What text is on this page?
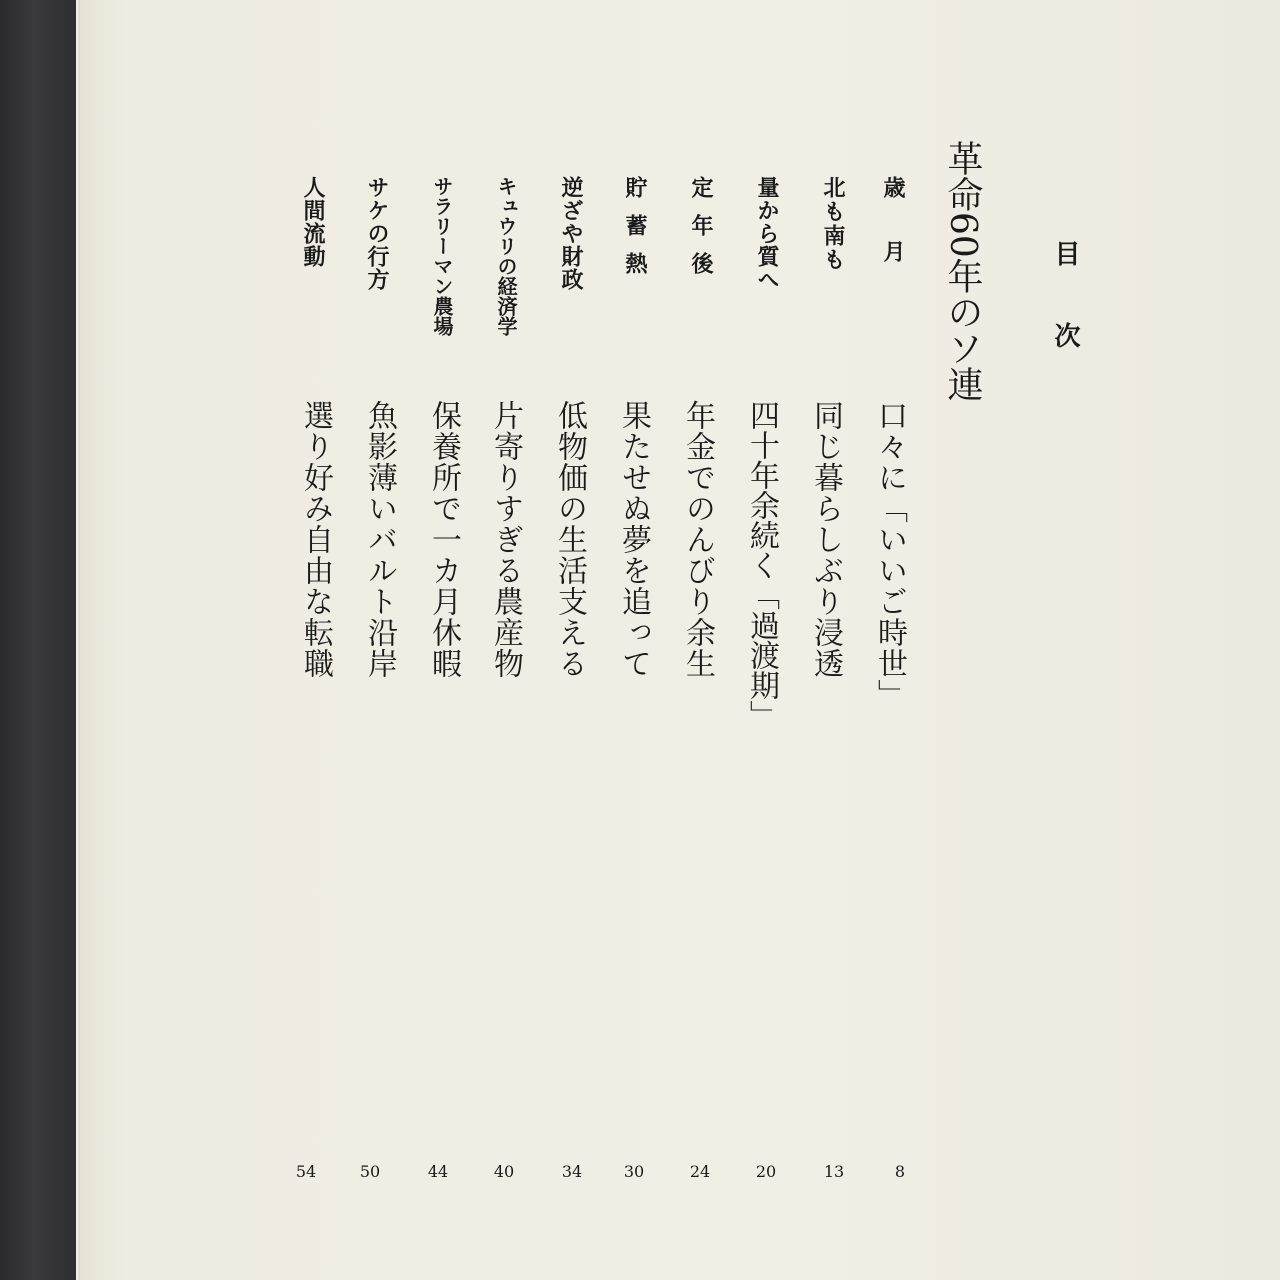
目次
革命60年のソ連
歳月
口々に「いいご時世」
8
北も南も
同じ暮らしぶり浸透
13
量から質へ
四十年余続く「過渡期」
20
定年後
年金でのんびり余生
24
貯蓄熱
果たせぬ夢を追って
30
逆ざや財政
低物価の生活支える
34
キュウリの経済学
片寄りすぎる農産物
40
サラリーマン農場
保養所で一カ月休暇
44
サケの行方
魚影薄いバルト沿岸
50
人間流動
選り好み自由な転職
54
